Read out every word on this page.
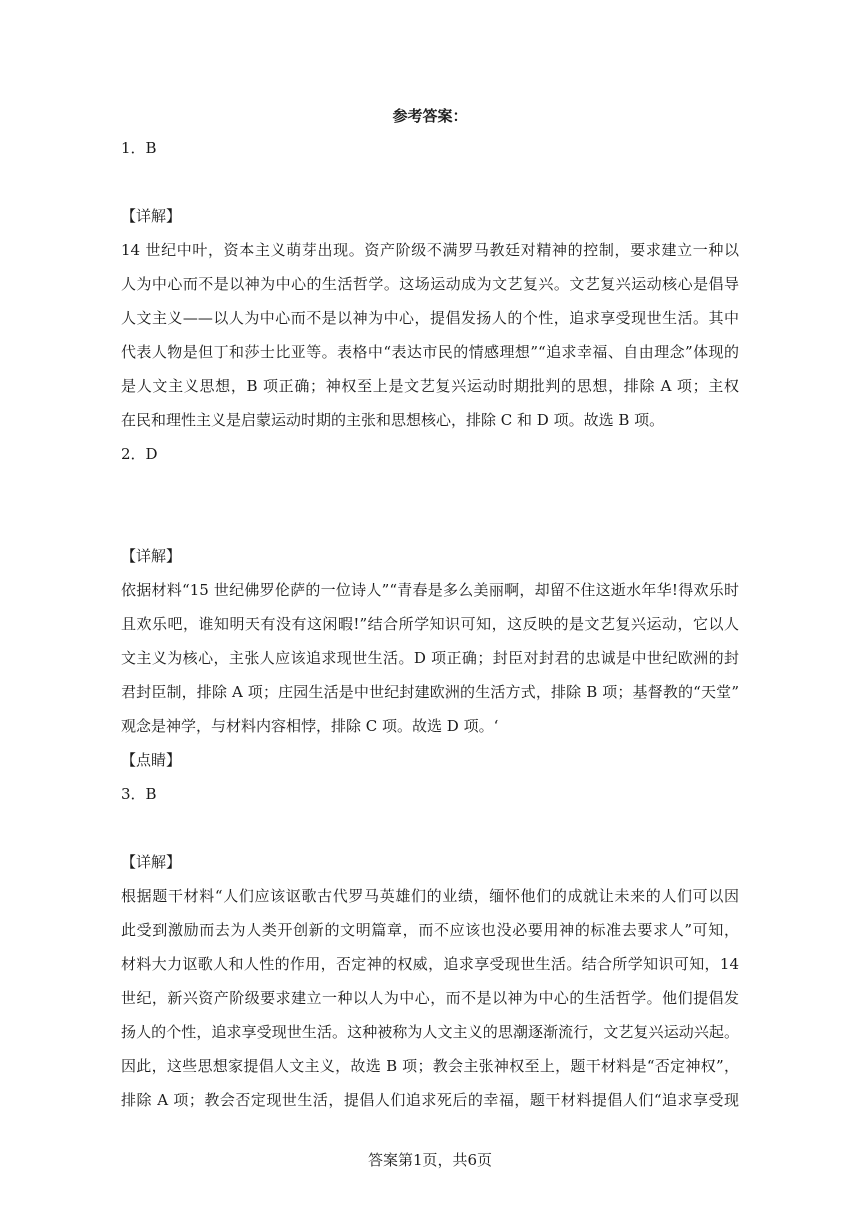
参考答案：
1．B
【详解】
14 世纪中叶，资本主义萌芽出现。资产阶级不满罗马教廷对精神的控制，要求建立一种以
人为中心而不是以神为中心的生活哲学。这场运动成为文艺复兴。文艺复兴运动核心是倡导
人文主义——以人为中心而不是以神为中心，提倡发扬人的个性，追求享受现世生活。其中
代表人物是但丁和莎士比亚等。表格中“表达市民的情感理想”“追求幸福、自由理念”体现的
是人文主义思想，B 项正确；神权至上是文艺复兴运动时期批判的思想，排除 A 项；主权
在民和理性主义是启蒙运动时期的主张和思想核心，排除 C 和 D 项。故选 B 项。
2．D
【详解】
依据材料“15 世纪佛罗伦萨的一位诗人”“青春是多么美丽啊，却留不住这逝水年华!得欢乐时
且欢乐吧，谁知明天有没有这闲暇!”结合所学知识可知，这反映的是文艺复兴运动，它以人
文主义为核心，主张人应该追求现世生活。D 项正确；封臣对封君的忠诚是中世纪欧洲的封
君封臣制，排除 A 项；庄园生活是中世纪封建欧洲的生活方式，排除 B 项；基督教的“天堂”
观念是神学，与材料内容相悖，排除 C 项。故选 D 项。‘
【点睛】
3．B
【详解】
根据题干材料“人们应该讴歌古代罗马英雄们的业绩，缅怀他们的成就让未来的人们可以因
此受到激励而去为人类开创新的文明篇章，而不应该也没必要用神的标准去要求人”可知，
材料大力讴歌人和人性的作用，否定神的权威，追求享受现世生活。结合所学知识可知，14
世纪，新兴资产阶级要求建立一种以人为中心，而不是以神为中心的生活哲学。他们提倡发
扬人的个性，追求享受现世生活。这种被称为人文主义的思潮逐渐流行，文艺复兴运动兴起。
因此，这些思想家提倡人文主义，故选 B 项；教会主张神权至上，题干材料是“否定神权”，
排除 A 项；教会否定现世生活，提倡人们追求死后的幸福，题干材料提倡人们“追求享受现
答案第1页，共6页
